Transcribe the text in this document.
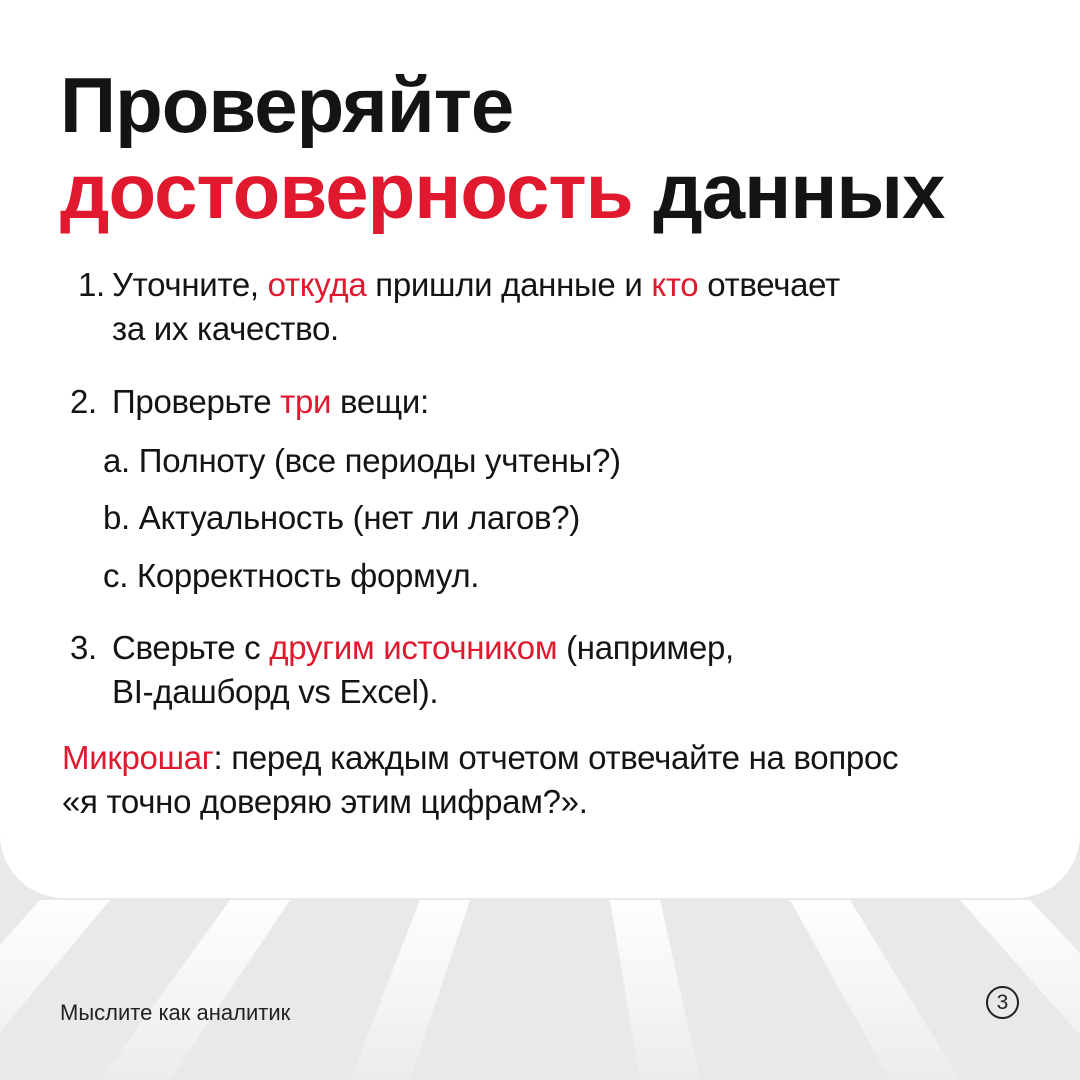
Проверяйте
достоверность данных
1. Уточните, откуда пришли данные и кто отвечает
за их качество.
2. Проверьте три вещи:
a. Полноту (все периоды учтены?)
b. Актуальность (нет ли лагов?)
c. Корректность формул.
3. Сверьте с другим источником (например,
BI-дашборд vs Excel).
Микрошаг: перед каждым отчетом отвечайте на вопрос
«я точно доверяю этим цифрам?».
Мыслите как аналитик	3
